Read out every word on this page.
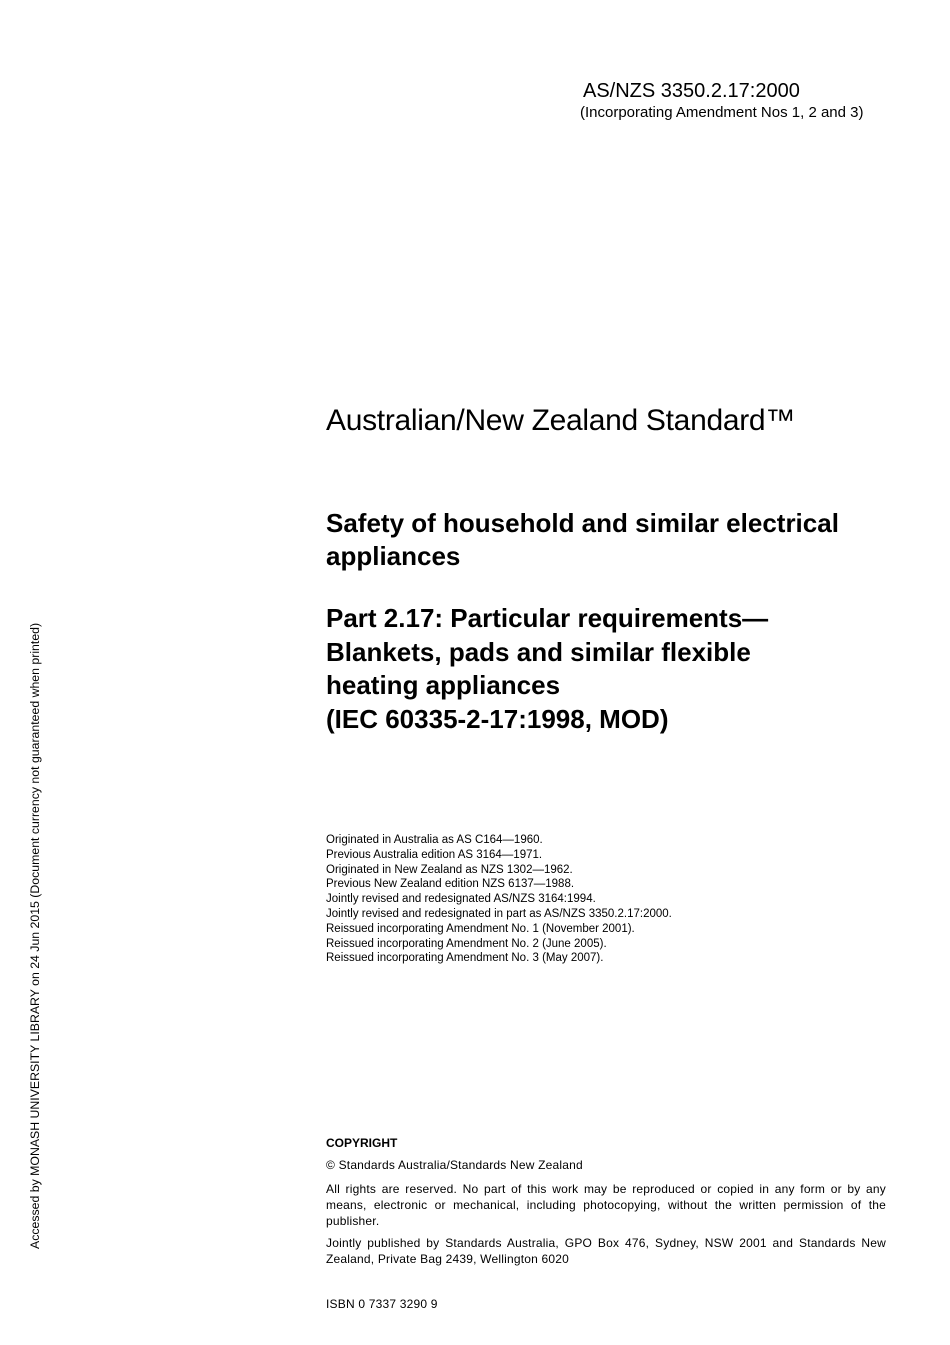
AS/NZS 3350.2.17:2000
(Incorporating Amendment Nos 1, 2 and 3)
Australian/New Zealand Standard™
Safety of household and similar electrical appliances
Part 2.17: Particular requirements—
Blankets, pads and similar flexible
heating appliances
(IEC 60335-2-17:1998, MOD)
Originated in Australia as AS C164—1960.
Previous Australia edition AS 3164—1971.
Originated in New Zealand as NZS 1302—1962.
Previous New Zealand edition NZS 6137—1988.
Jointly revised and redesignated AS/NZS 3164:1994.
Jointly revised and redesignated in part as AS/NZS 3350.2.17:2000.
Reissued incorporating Amendment No. 1 (November 2001).
Reissued incorporating Amendment No. 2 (June 2005).
Reissued incorporating Amendment No. 3 (May 2007).
COPYRIGHT
© Standards Australia/Standards New Zealand
All rights are reserved. No part of this work may be reproduced or copied in any form or by any means, electronic or mechanical, including photocopying, without the written permission of the publisher.
Jointly published by Standards Australia, GPO Box 476, Sydney, NSW 2001 and Standards New Zealand, Private Bag 2439, Wellington 6020
ISBN 0 7337 3290 9
Accessed by MONASH UNIVERSITY LIBRARY on 24 Jun 2015 (Document currency not guaranteed when printed)
